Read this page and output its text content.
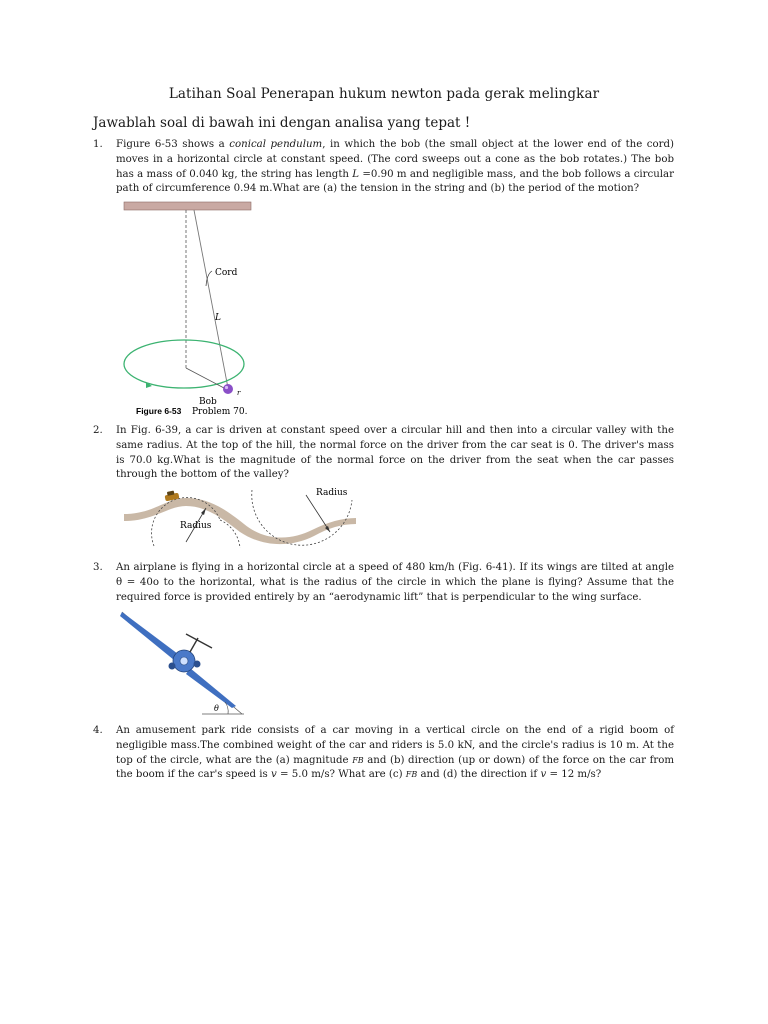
Latihan Soal Penerapan hukum newton pada gerak melingkar
Jawablah soal di bawah ini dengan analisa yang tepat !
1. Figure 6-53 shows a conical pendulum, in which the bob (the small object at the lower end of the cord) moves in a horizontal circle at constant speed. (The cord sweeps out a cone as the bob rotates.) The bob has a mass of 0.040 kg, the string has length L =0.90 m and negligible mass, and the bob follows a circular path of circumference 0.94 m.What are (a) the tension in the string and (b) the period of the motion?
Cord
L
r
Bob
Figure 6-53 Problem 70.
2. In Fig. 6-39, a car is driven at constant speed over a circular hill and then into a circular valley with the same radius. At the top of the hill, the normal force on the driver from the car seat is 0. The driver's mass is 70.0 kg.What is the magnitude of the normal force on the driver from the seat when the car passes through the bottom of the valley?
Radius
Radius
3. An airplane is flying in a horizontal circle at a speed of 480 km/h (Fig. 6-41). If its wings are tilted at angle θ = 40o to the horizontal, what is the radius of the circle in which the plane is flying? Assume that the required force is provided entirely by an “aerodynamic lift” that is perpendicular to the wing surface.
θ
4. An amusement park ride consists of a car moving in a vertical circle on the end of a rigid boom of negligible mass.The combined weight of the car and riders is 5.0 kN, and the circle's radius is 10 m. At the top of the circle, what are the (a) magnitude FB and (b) direction (up or down) of the force on the car from the boom if the car's speed is v = 5.0 m/s? What are (c) FB and (d) the direction if v = 12 m/s?
